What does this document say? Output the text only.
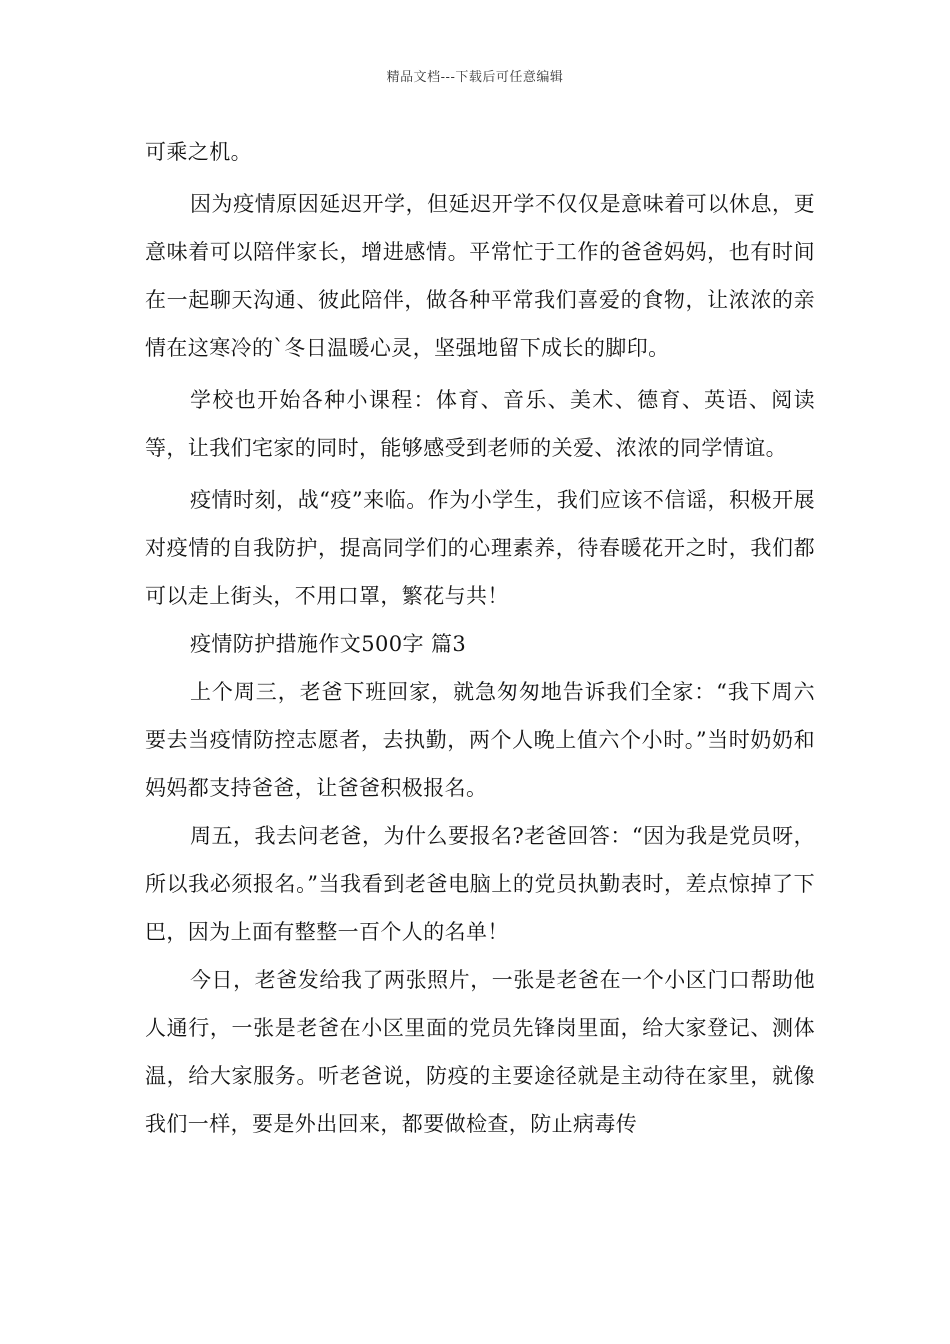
精品文档---下载后可任意编辑

可乘之机。

因为疫情原因延迟开学，但延迟开学不仅仅是意味着可以休息，更意味着可以陪伴家长，增进感情。平常忙于工作的爸爸妈妈，也有时间在一起聊天沟通、彼此陪伴，做各种平常我们喜爱的食物，让浓浓的亲情在这寒冷的`冬日温暖心灵，坚强地留下成长的脚印。

学校也开始各种小课程：体育、音乐、美术、德育、英语、阅读等，让我们宅家的同时，能够感受到老师的关爱、浓浓的同学情谊。

疫情时刻，战“疫”来临。作为小学生，我们应该不信谣，积极开展对疫情的自我防护，提高同学们的心理素养，待春暖花开之时，我们都可以走上街头，不用口罩，繁花与共！

疫情防护措施作文500字 篇3

上个周三，老爸下班回家，就急匆匆地告诉我们全家：“我下周六要去当疫情防控志愿者，去执勤，两个人晚上值六个小时。”当时奶奶和妈妈都支持爸爸，让爸爸积极报名。

周五，我去问老爸，为什么要报名?老爸回答：“因为我是党员呀，所以我必须报名。”当我看到老爸电脑上的党员执勤表时，差点惊掉了下巴，因为上面有整整一百个人的名单！

今日，老爸发给我了两张照片，一张是老爸在一个小区门口帮助他人通行，一张是老爸在小区里面的党员先锋岗里面，给大家登记、测体温，给大家服务。听老爸说，防疫的主要途径就是主动待在家里，就像我们一样，要是外出回来，都要做检查，防止病毒传
